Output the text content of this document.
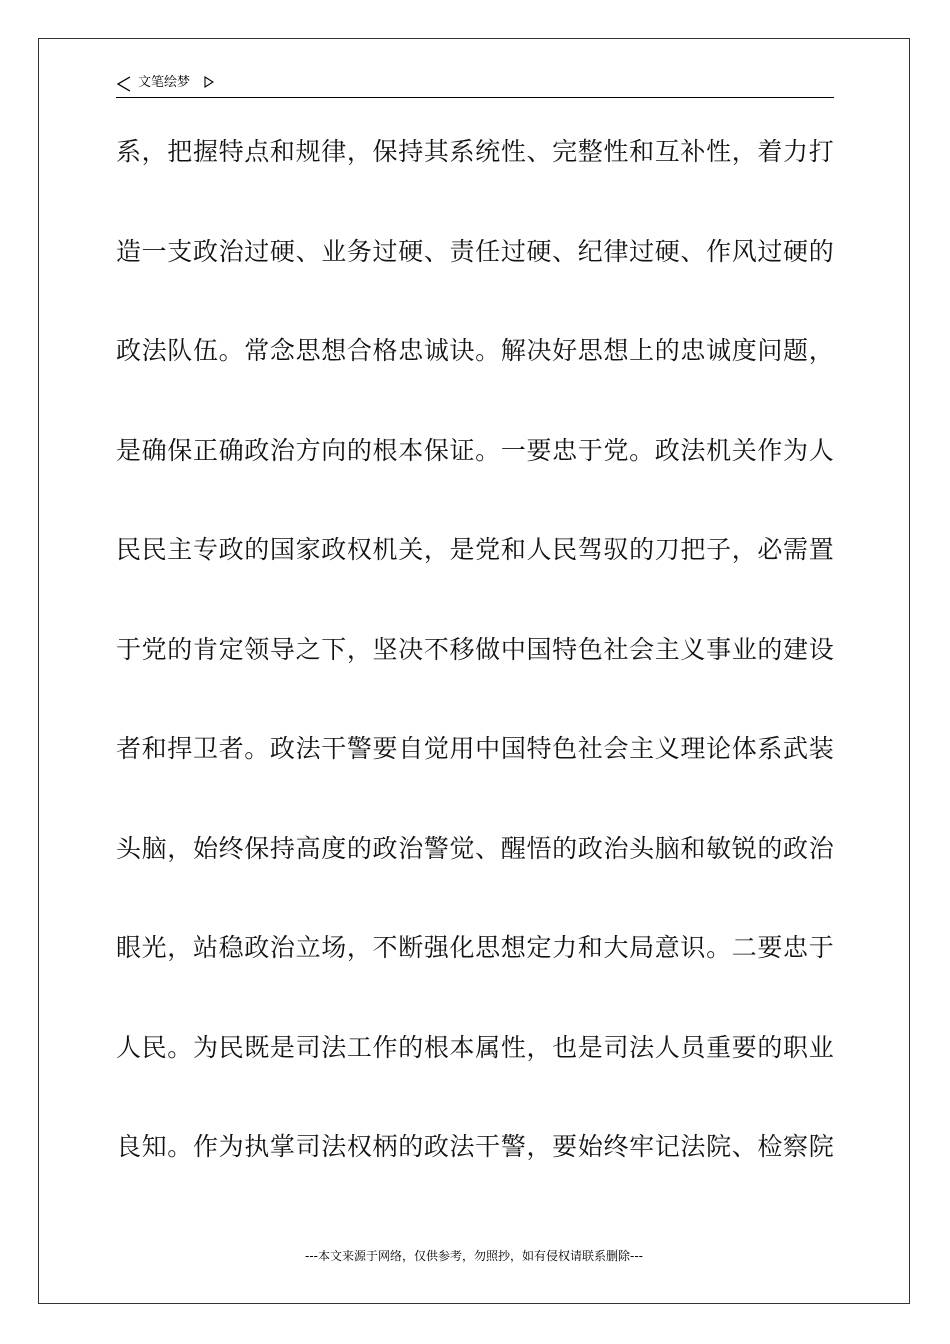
文笔绘梦
系，把握特点和规律，保持其系统性、完整性和互补性，着力打
造一支政治过硬、业务过硬、责任过硬、纪律过硬、作风过硬的
政法队伍。常念思想合格忠诚诀。解决好思想上的忠诚度问题，
是确保正确政治方向的根本保证。一要忠于党。政法机关作为人
民民主专政的国家政权机关，是党和人民驾驭的刀把子，必需置
于党的肯定领导之下，坚决不移做中国特色社会主义事业的建设
者和捍卫者。政法干警要自觉用中国特色社会主义理论体系武装
头脑，始终保持高度的政治警觉、醒悟的政治头脑和敏锐的政治
眼光，站稳政治立场，不断强化思想定力和大局意识。二要忠于
人民。为民既是司法工作的根本属性，也是司法人员重要的职业
良知。作为执掌司法权柄的政法干警，要始终牢记法院、检察院
---本文来源于网络，仅供参考，勿照抄，如有侵权请联系删除---
